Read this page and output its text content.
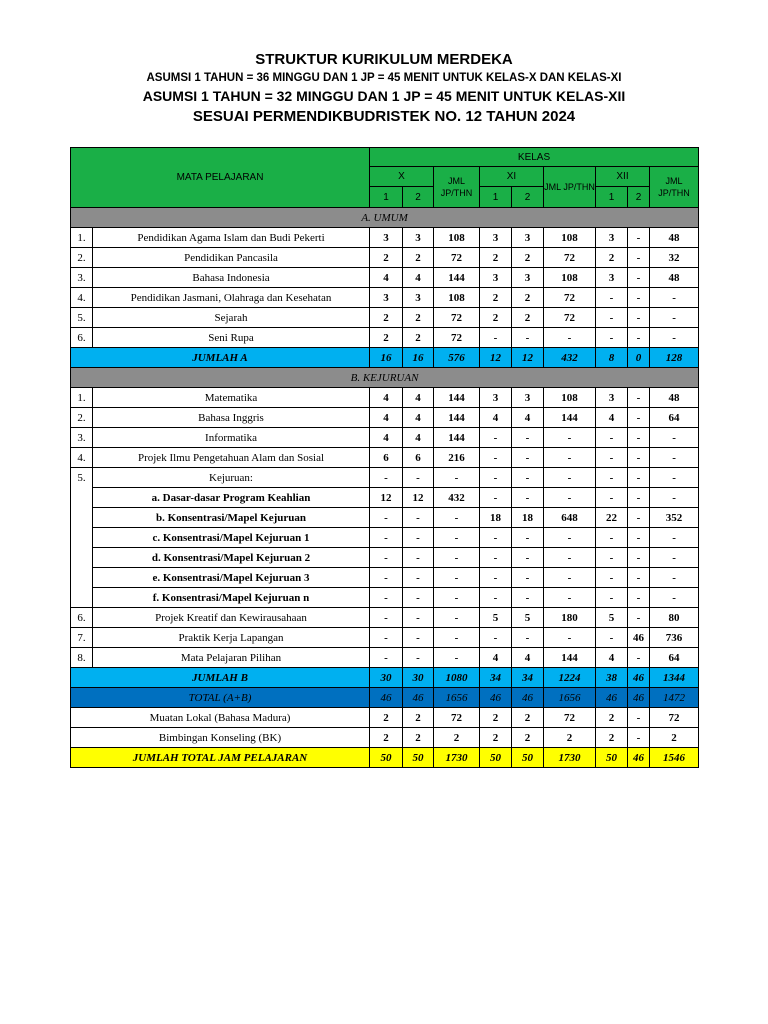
STRUKTUR KURIKULUM MERDEKA
ASUMSI 1 TAHUN = 36 MINGGU DAN 1 JP = 45 MENIT UNTUK KELAS-X DAN KELAS-XI
ASUMSI 1 TAHUN = 32 MINGGU DAN 1 JP = 45 MENIT UNTUK KELAS-XII
SESUAI PERMENDIKBUDRISTEK NO. 12 TAHUN 2024
MATA PELAJARAN		KELAS								
		X		JML JP/THN	XI		JML JP/THN	XII		JML JP/THN
		1	2		1	2		1	2	
A. UMUM										
1.	Pendidikan Agama Islam dan Budi Pekerti	3	3	108	3	3	108	3	-	48
2.	Pendidikan Pancasila	2	2	72	2	2	72	2	-	32
3.	Bahasa Indonesia	4	4	144	3	3	108	3	-	48
4.	Pendidikan Jasmani, Olahraga dan Kesehatan	3	3	108	2	2	72	-	-	-
5.	Sejarah	2	2	72	2	2	72	-	-	-
6.	Seni Rupa	2	2	72	-	-	-	-	-	-
JUMLAH A		16	16	576	12	12	432	8	0	128
B. KEJURUAN										
1.	Matematika	4	4	144	3	3	108	3	-	48
2.	Bahasa Inggris	4	4	144	4	4	144	4	-	64
3.	Informatika	4	4	144	-	-	-	-	-	-
4.	Projek Ilmu Pengetahuan Alam dan Sosial	6	6	216	-	-	-	-	-	-
5.	Kejuruan:	-	-	-	-	-	-	-	-	-
	a. Dasar-dasar Program Keahlian	12	12	432	-	-	-	-	-	-
	b. Konsentrasi/Mapel Kejuruan	-	-	-	18	18	648	22	-	352
	c. Konsentrasi/Mapel Kejuruan 1	-	-	-	-	-	-	-	-	-
	d. Konsentrasi/Mapel Kejuruan 2	-	-	-	-	-	-	-	-	-
	e. Konsentrasi/Mapel Kejuruan 3	-	-	-	-	-	-	-	-	-
	f. Konsentrasi/Mapel Kejuruan n	-	-	-	-	-	-	-	-	-
6.	Projek Kreatif dan Kewirausahaan	-	-	-	5	5	180	5	-	80
7.	Praktik Kerja Lapangan	-	-	-	-	-	-	-	46	736
8.	Mata Pelajaran Pilihan	-	-	-	4	4	144	4	-	64
JUMLAH B		30	30	1080	34	34	1224	38	46	1344
TOTAL (A+B)		46	46	1656	46	46	1656	46	46	1472
Muatan Lokal (Bahasa Madura)		2	2	72	2	2	72	2	-	72
Bimbingan Konseling (BK)		2	2	2	2	2	2	2	-	2
JUMLAH TOTAL JAM PELAJARAN		50	50	1730	50	50	1730	50	46	1546
